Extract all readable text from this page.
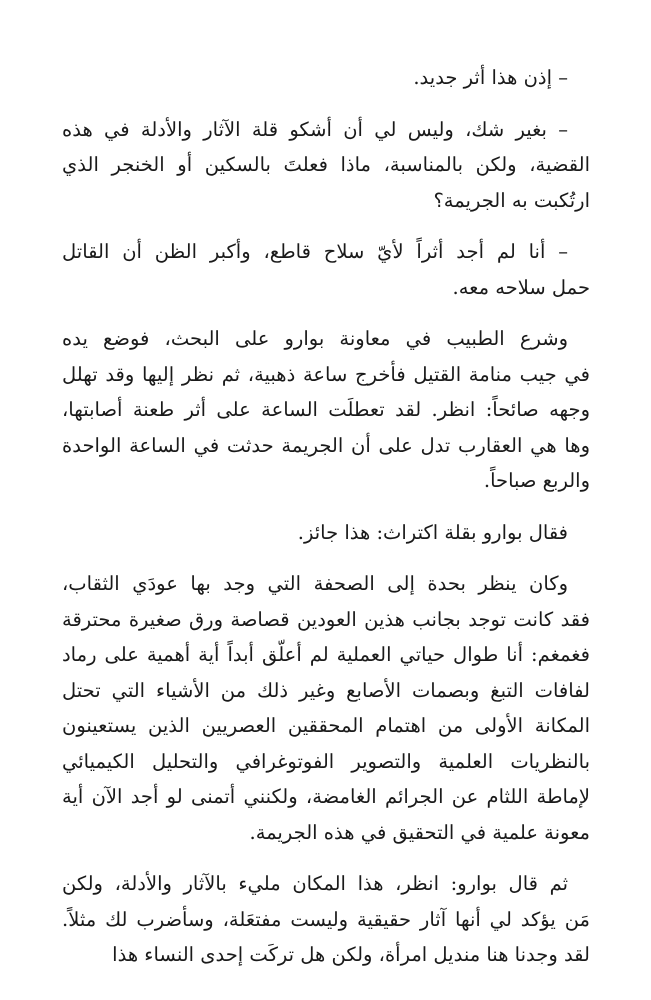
– إذن هذا أثر جديد.

– بغير شك، وليس لي أن أشكو قلة الآثار والأدلة في هذه
القضية، ولكن بالمناسبة، ماذا فعلتَ بالسكين أو الخنجر الذي
ارتُكبت به الجريمة؟

– أنا لم أجد أثراً لأيّ سلاح قاطع، وأكبر الظن أن القاتل
حمل سلاحه معه.

وشرع الطبيب في معاونة بوارو على البحث، فوضع يده
في جيب منامة القتيل فأخرج ساعة ذهبية، ثم نظر إليها وقد تهلل
وجهه صائحاً: انظر. لقد تعطلَت الساعة على أثر طعنة أصابتها،
وها هي العقارب تدل على أن الجريمة حدثت في الساعة الواحدة
والربع صباحاً.

فقال بوارو بقلة اكتراث: هذا جائز.

وكان ينظر بحدة إلى الصحفة التي وجد بها عودَي الثقاب،
فقد كانت توجد بجانب هذين العودين قصاصة ورق صغيرة محترقة
فغمغم: أنا طوال حياتي العملية لم أعلّق أبداً أية أهمية على رماد
لفافات التبغ وبصمات الأصابع وغير ذلك من الأشياء التي تحتل
المكانة الأولى من اهتمام المحققين العصريين الذين يستعينون
بالنظريات العلمية والتصوير الفوتوغرافي والتحليل الكيميائي
لإماطة اللثام عن الجرائم الغامضة، ولكنني أتمنى لو أجد الآن أية
معونة علمية في التحقيق في هذه الجريمة.

ثم قال بوارو: انظر، هذا المكان مليء بالآثار والأدلة، ولكن
مَن يؤكد لي أنها آثار حقيقية وليست مفتعَلة، وسأضرب لك مثلاً.
لقد وجدنا هنا منديل امرأة، ولكن هل تركَت إحدى النساء هذا
